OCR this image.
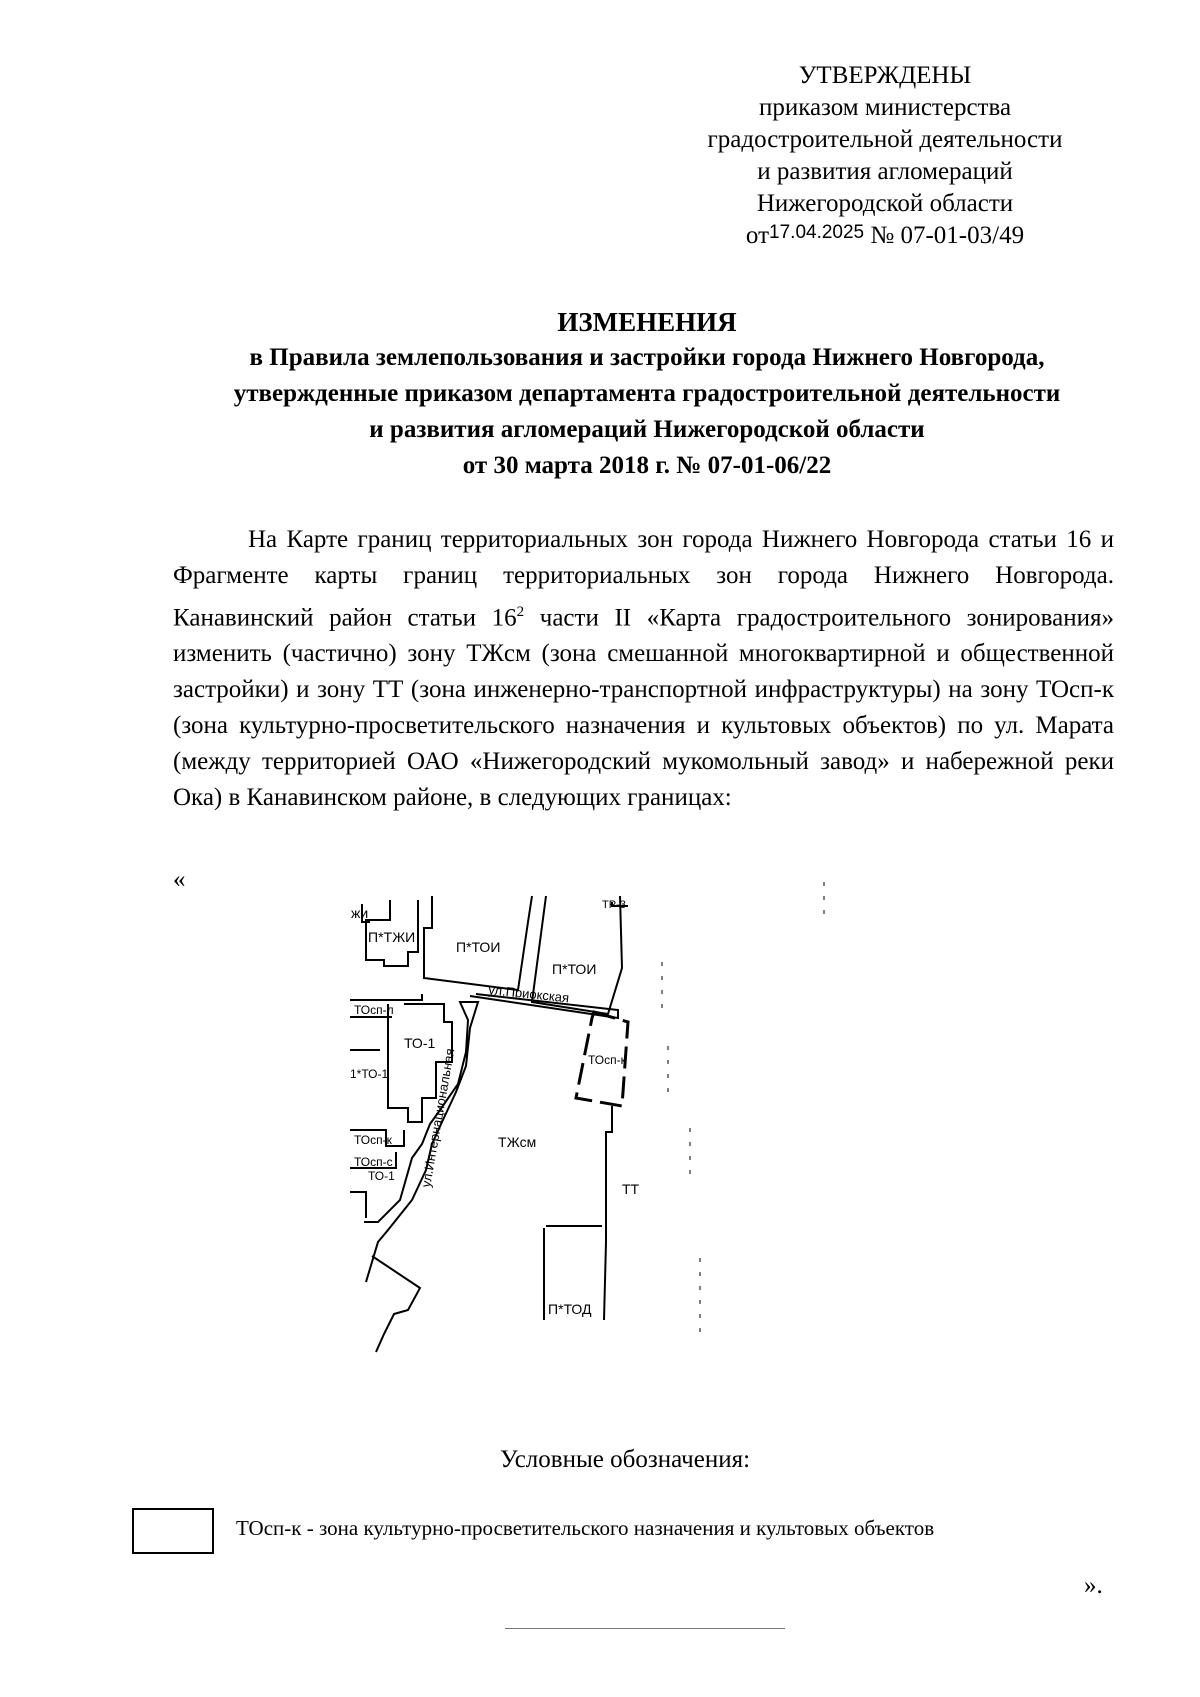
УТВЕРЖДЕНЫ
приказом министерства
градостроительной деятельности
и развития агломераций
Нижегородской области
$от^{17.04.2025}$ № 07-01-03/49
ИЗМЕНЕНИЯ
в Правила землепользования и застройки города Нижнего Новгорода,
утвержденные приказом департамента градостроительной деятельности
и развития агломераций Нижегородской области
от 30 марта 2018 г. № 07-01-06/22

На Карте границ территориальных зон города Нижнего Новгорода статьи 16 и Фрагменте карты границ территориальных зон города Нижнего Новгорода. Канавинский район статьи $16^2$ части II «Карта градостроительного зонирования» изменить (частично) зону ТЖсм (зона смешанной многоквартирной и общественной застройки) и зону ТТ (зона инженерно-транспортной инфраструктуры) на зону ТОсп-к (зона культурно-просветительского назначения и культовых объектов) по ул. Марата (между территорией ОАО «Нижегородский мукомольный завод» и набережной реки Ока) в Канавинском районе, в следующих границах:

«
жи
П*ТЖИ
П*ТОИ
П*ТОИ
ТР-3
ТОсп-л
ТО-1
1*ТО-1
ул.Приокская
ул.Интернациональная	ТОсп-к
ТОсп-к
ТОсп-с
ТО-1
ТЖсм
ТТ
П*ТОД
Условные обозначения:
ТОсп-к - зона культурно-просветительского назначения и культовых объектов
».
